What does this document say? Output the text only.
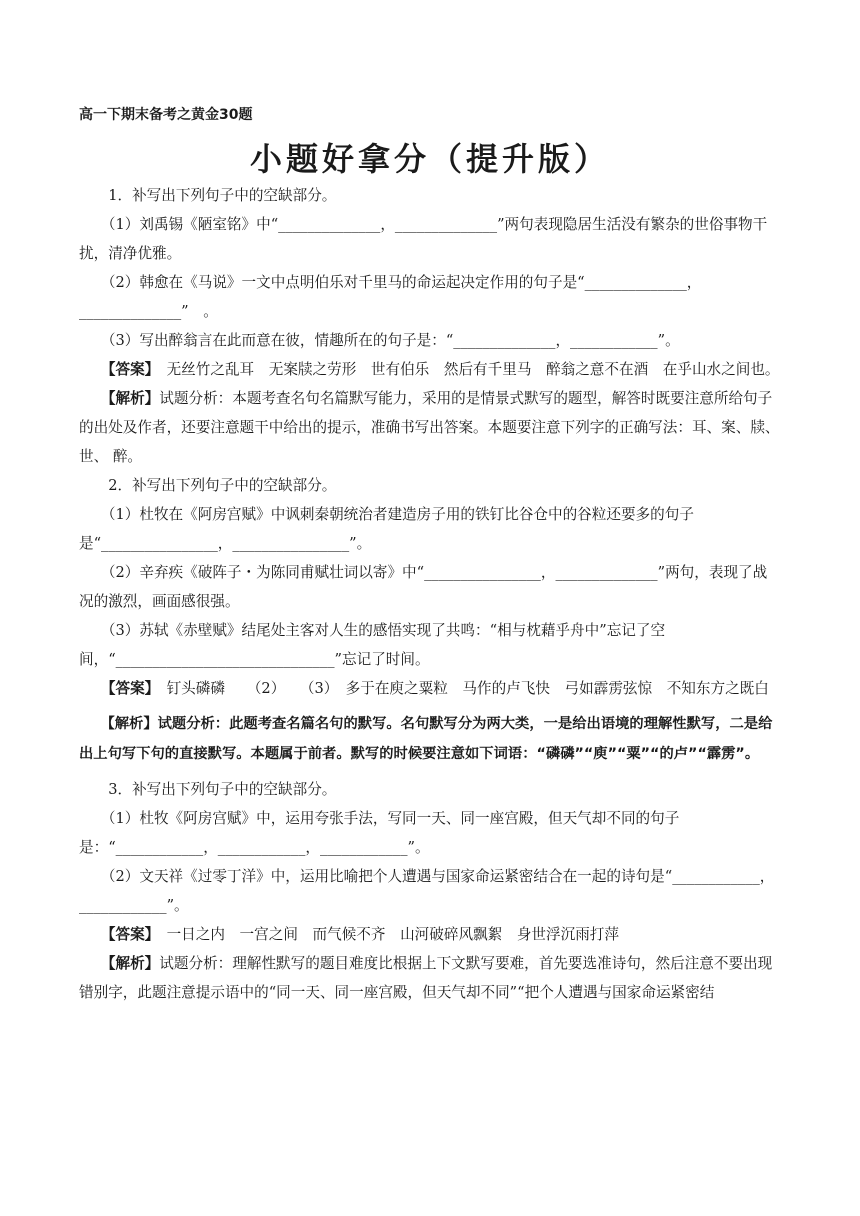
高一下期末备考之黄金30题
小题好拿分（提升版）

1．补写出下列句子中的空缺部分。

（1）刘禹锡《陋室铭》中“______________，______________”两句表现隐居生活没有繁杂的世俗事物干扰，清净优雅。

（2）韩愈在《马说》一文中点明伯乐对千里马的命运起决定作用的句子是“______________，______________”　。

（3）写出醉翁言在此而意在彼，情趣所在的句子是：“______________，____________”。

【答案】　无丝竹之乱耳　无案牍之劳形　世有伯乐　然后有千里马　醉翁之意不在酒　在乎山水之间也。

【解析】试题分析：本题考查名句名篇默写能力，采用的是情景式默写的题型，解答时既要注意所给句子的出处及作者，还要注意题干中给出的提示，准确书写出答案。本题要注意下列字的正确写法：耳、案、牍、世、 醉。

2．补写出下列句子中的空缺部分。

（1）杜牧在《阿房宫赋》中讽刺秦朝统治者建造房子用的铁钉比谷仓中的谷粒还要多的句子是“________________，________________”。

（2）辛弃疾《破阵子・为陈同甫赋壮词以寄》中“________________，______________”两句，表现了战况的激烈，画面感很强。

（3）苏轼《赤壁赋》结尾处主客对人生的感悟实现了共鸣：“相与枕藉乎舟中”忘记了空间，“______________________________”忘记了时间。

【答案】　钉头磷磷　　（2）　　（3）　多于在庾之粟粒　马作的卢飞快　弓如霹雳弦惊　不知东方之既白

【解析】试题分析：此题考查名篇名句的默写。名句默写分为两大类，一是给出语境的理解性默写，二是给出上句写下句的直接默写。本题属于前者。默写的时候要注意如下词语：“磷磷”“庾”“粟”“的卢”“霹雳”。

3．补写出下列句子中的空缺部分。

（1）杜牧《阿房宫赋》中，运用夸张手法，写同一天、同一座宫殿，但天气却不同的句子是：“____________，____________，____________”。

（2）文天祥《过零丁洋》中，运用比喻把个人遭遇与国家命运紧密结合在一起的诗句是“____________，____________”。

【答案】　一日之内　一宫之间　而气候不齐　山河破碎风飘絮　身世浮沉雨打萍

【解析】试题分析：理解性默写的题目难度比根据上下文默写要难，首先要选准诗句，然后注意不要出现错别字，此题注意提示语中的“同一天、同一座宫殿，但天气却不同”“把个人遭遇与国家命运紧密结
